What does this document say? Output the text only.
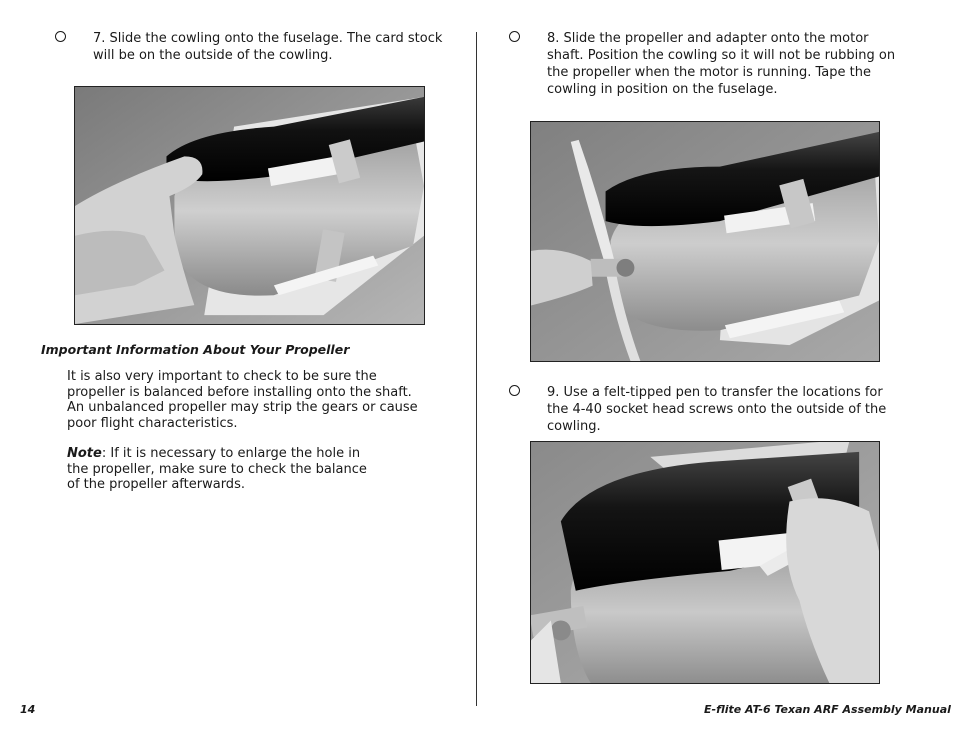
7. Slide the cowling onto the fuselage. The card stock will be on the outside of the cowling.
Important Information About Your Propeller
It is also very important to check to be sure the propeller is balanced before installing onto the shaft. An unbalanced propeller may strip the gears or cause poor flight characteristics.
Note: If it is necessary to enlarge the hole in the propeller, make sure to check the balance of the propeller afterwards.
8. Slide the propeller and adapter onto the motor shaft. Position the cowling so it will not be rubbing on the propeller when the motor is running. Tape the cowling in position on the fuselage.
9. Use a felt-tipped pen to transfer the locations for the 4-40 socket head screws onto the outside of the cowling.
14	E-flite AT-6 Texan ARF Assembly Manual
